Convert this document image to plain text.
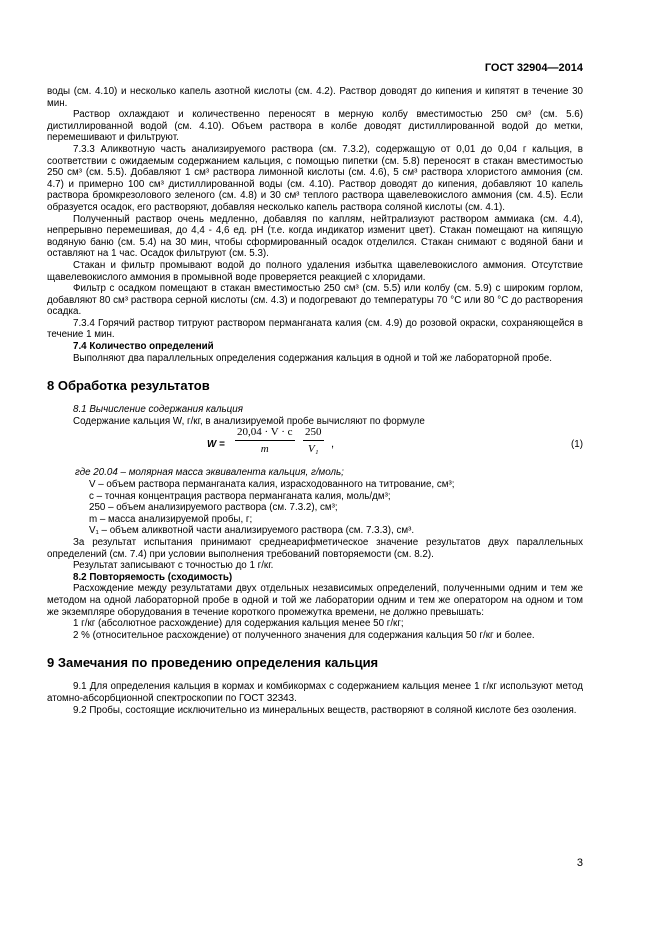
ГОСТ 32904—2014

воды (см. 4.10) и несколько капель азотной кислоты (см. 4.2). Раствор доводят до кипения и кипятят в течение 30 мин.

Раствор охлаждают и количественно переносят в мерную колбу вместимостью 250 см³ (см. 5.6) дистиллированной водой (см. 4.10). Объем раствора в колбе доводят дистиллированной водой до метки, перемешивают и фильтруют.

7.3.3 Аликвотную часть анализируемого раствора (см. 7.3.2), содержащую от 0,01 до 0,04 г кальция, в соответствии с ожидаемым содержанием кальция, с помощью пипетки (см. 5.8) переносят в стакан вместимостью 250 см³ (см. 5.5). Добавляют 1 см³ раствора лимонной кислоты (см. 4.6), 5 см³ раствора хлористого аммония (см. 4.7) и примерно 100 см³ дистиллированной воды (см. 4.10). Раствор доводят до кипения, добавляют 10 капель раствора бромкрезолового зеленого (см. 4.8) и 30 см³ теплого раствора щавелевокислого аммония (см. 4.5). Если образуется осадок, его растворяют, добавляя несколько капель раствора соляной кислоты (см. 4.1).

Полученный раствор очень медленно, добавляя по каплям, нейтрализуют раствором аммиака (см. 4.4), непрерывно перемешивая, до 4,4 - 4,6 ед. pH (т.е. когда индикатор изменит цвет). Стакан помещают на кипящую водяную баню (см. 5.4) на 30 мин, чтобы сформированный осадок отделился. Стакан снимают с водяной бани и оставляют на 1 час. Осадок фильтруют (см. 5.3).

Стакан и фильтр промывают водой до полного удаления избытка щавелевокислого аммония. Отсутствие щавелевокислого аммония в промывной воде проверяется реакцией с хлоридами.

Фильтр с осадком помещают в стакан вместимостью 250 см³ (см. 5.5) или колбу (см. 5.9) с широким горлом, добавляют 80 см³ раствора серной кислоты (см. 4.3) и подогревают до температуры 70 °С или 80 °С до растворения осадка.

7.3.4 Горячий раствор титруют раствором перманганата калия (см. 4.9) до розовой окраски, сохраняющейся в течение 1 мин.

7.4 Количество определений

Выполняют два параллельных определения содержания кальция в одной и той же лабораторной пробе.

8 Обработка результатов

8.1 Вычисление содержания кальция

Содержание кальция W, г/кг, в анализируемой пробе вычисляют по формуле

$W = \frac{20,04 \cdot V \cdot c}{m} \frac{250}{\text{V₁}}$ ,	(1)

где 20.04 – молярная масса эквивалента кальция, г/моль;

V – объем раствора перманганата калия, израсходованного на титрование, см³;

c – точная концентрация раствора перманганата калия, моль/дм³;

250 – объем анализируемого раствора (см. 7.3.2), см³;

m – масса анализируемой пробы, г;

V₁ – объем аликвотной части анализируемого раствора (см. 7.3.3), см³.

За результат испытания принимают среднеарифметическое значение результатов двух параллельных определений (см. 7.4) при условии выполнения требований повторяемости (см. 8.2).

Результат записывают с точностью до 1 г/кг.

8.2 Повторяемость (сходимость)

Расхождение между результатами двух отдельных независимых определений, полученными одним и тем же методом на одной лабораторной пробе в одной и той же лаборатории одним и тем же оператором на одном и том же экземпляре оборудования в течение короткого промежутка времени, не должно превышать:

1 г/кг (абсолютное расхождение) для содержания кальция менее 50 г/кг;

2 % (относительное расхождение) от полученного значения для содержания кальция 50 г/кг и более.

9 Замечания по проведению определения кальция

9.1 Для определения кальция в кормах и комбикормах с содержанием кальция менее 1 г/кг используют метод атомно-абсорбционной спектроскопии по ГОСТ 32343.

9.2 Пробы, состоящие исключительно из минеральных веществ, растворяют в соляной кислоте без озоления.

3
